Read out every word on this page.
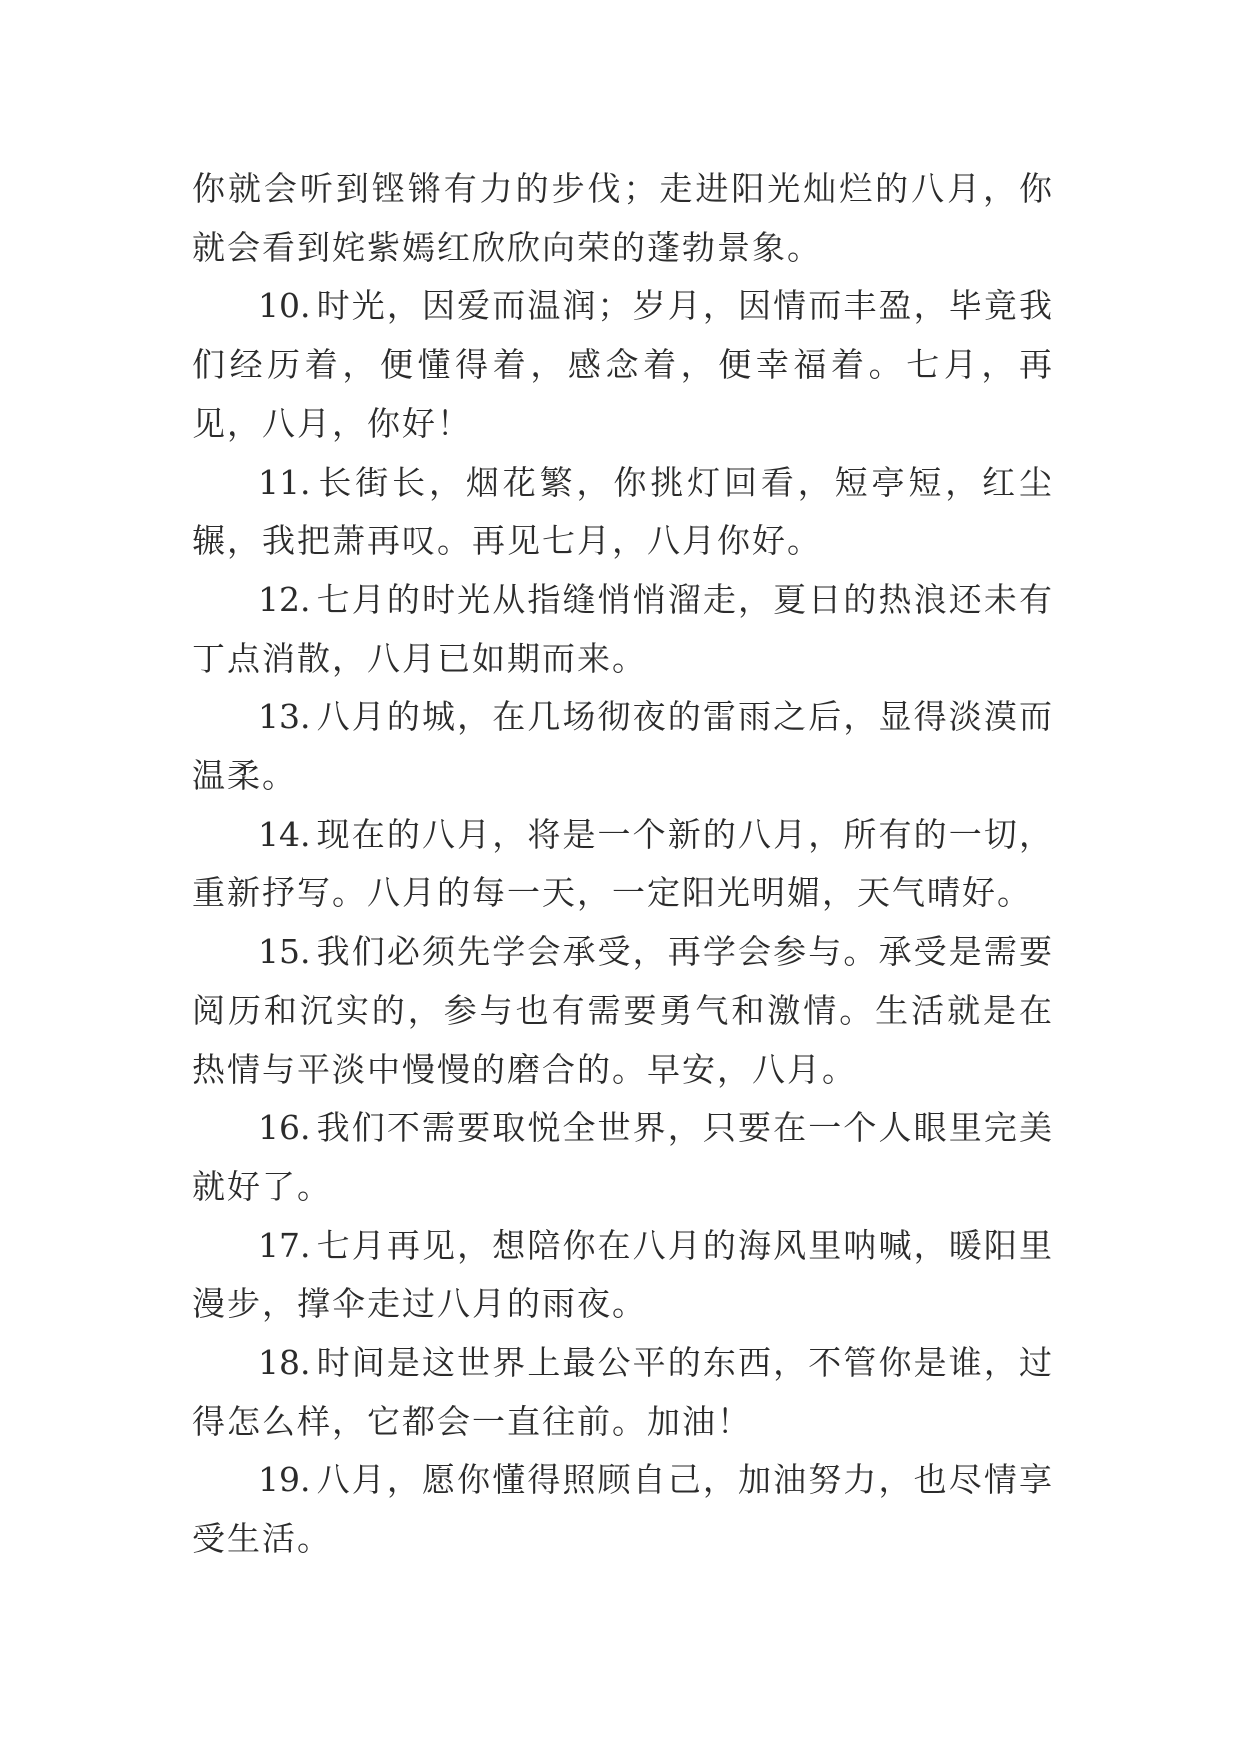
你就会听到铿锵有力的步伐；走进阳光灿烂的八月，你就会看到姹紫嫣红欣欣向荣的蓬勃景象。

10. 时光，因爱而温润；岁月，因情而丰盈，毕竟我们经历着，便懂得着，感念着，便幸福着。七月，再见，八月，你好！

11. 长街长，烟花繁，你挑灯回看，短亭短，红尘辗，我把萧再叹。再见七月，八月你好。

12. 七月的时光从指缝悄悄溜走，夏日的热浪还未有丁点消散，八月已如期而来。

13. 八月的城，在几场彻夜的雷雨之后，显得淡漠而温柔。

14. 现在的八月，将是一个新的八月，所有的一切，重新抒写。八月的每一天，一定阳光明媚，天气晴好。

15. 我们必须先学会承受，再学会参与。承受是需要阅历和沉实的，参与也有需要勇气和激情。生活就是在热情与平淡中慢慢的磨合的。早安，八月。

16. 我们不需要取悦全世界，只要在一个人眼里完美就好了。

17. 七月再见，想陪你在八月的海风里呐喊，暖阳里漫步，撑伞走过八月的雨夜。

18. 时间是这世界上最公平的东西，不管你是谁，过得怎么样，它都会一直往前。加油！

19. 八月，愿你懂得照顾自己，加油努力，也尽情享受生活。
